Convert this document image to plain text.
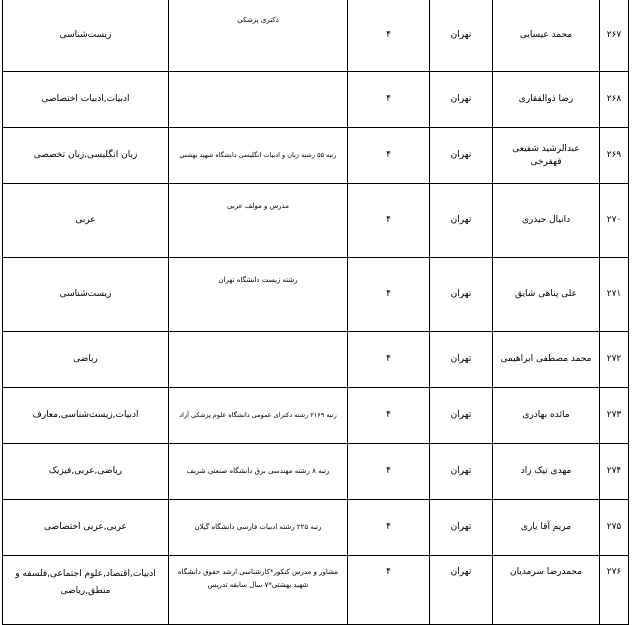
۲۶۷	محمد عیسایی	تهران	۴	دکتری پزشکی	زیست‌شناسی
۲۶۸	رضا ذوالفقاری	تهران	۴		ادبیات,ادبیات اختصاصی
۲۶۹	عبدالرشید شفیعی قهفرخی	تهران	۴	رتبه ۵۵ رشته زبان و ادبیات انگلیسی دانشگاه شهید بهشتی	زبان انگلیسی,زبان تخصصی
۲۷۰	دانیال حیدری	تهران	۴	مدرس و مولف عربی	عربی
۲۷۱	علی پناهی شایق	تهران	۴	رشته زیست دانشگاه تهران	زیست‌شناسی
۲۷۲	محمد مصطفی ابراهیمی	تهران	۴		ریاضی
۲۷۳	مائده بهادری	تهران	۴	رتبه ۲۱۶۹ رشته دکترای عمومی دانشگاه علوم پزشکی آزاد	ادبیات,زیست‌شناسی,معارف
۲۷۴	مهدی تیک زاد	تهران	۴	رتبه ۸ رشته مهندسی برق دانشگاه صنعتی شریف	ریاضی,عربی,فیزیک
۲۷۵	مریم آقا یاری	تهران	۴	رتبه ۲۲۵ رشته ادبیات فارسی دانشگاه گیلان	عربی,عربی اختصاصی
۲۷۶	محمدرضا سرمدیان	تهران	۴	مشاور و مدرس کنکور*کارشناسی ارشد حقوق دانشگاه شهید بهشتی*۷ سال سابقه تدریس	ادبیات,اقتصاد,علوم اجتماعی,فلسفه و منطق,ریاضی
